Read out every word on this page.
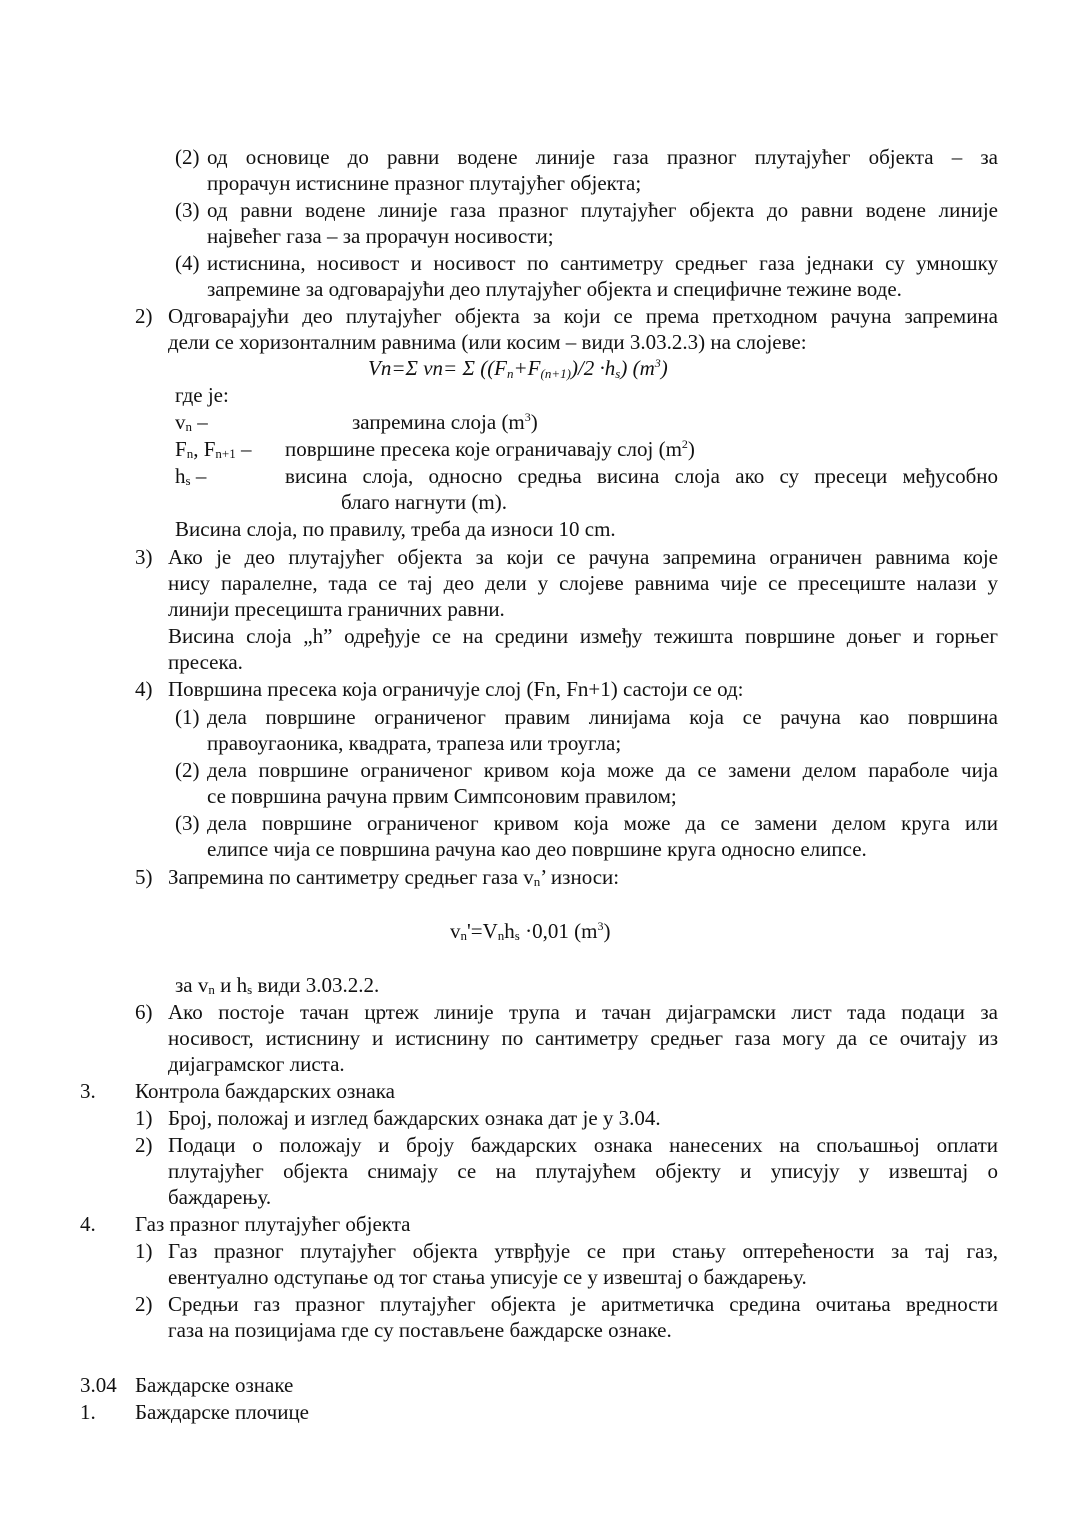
(2) од основице до равни водене линије газа празног плутајућег објекта – за
прорачун истиснине празног плутајућег објекта;
(3) од равни водене линије газа празног плутајућег објекта до равни водене линије
највећег газа – за прорачун носивости;
(4) истиснина, носивост и носивост по сантиметру средњег газа једнаки су умношку
запремине за одговарајући део плутајућег објекта и специфичне тежине воде.
2) Одговарајући део плутајућег објекта за који се према претходном рачуна запремина
дели се хоризонталним равнима (или косим – види 3.03.2.3) на слојеве:
Vn=Σ vn= Σ $((F_n+F_{(n+1)})/2 \cdot h_s)$ $(m^3)$
где је:
vn –	запремина слоја $(m^3)$
Fn, Fn+1 – површине пресека које ограничавају слој $(m^2)$
hs –	висина слоја, односно средња висина слоја ако су пресеци међусобно
благо нагнути (m).
Висина слоја, по правилу, треба да износи 10 cm.
3) Ако је део плутајућег објекта за који се рачуна запремина ограничен равнима које
нису паралелне, тада се тај део дели у слојеве равнима чије се пресециште налази у
линији пресецишта граничних равни.
Висина слоја „h” одређује се на средини између тежишта површине доњег и горњег
пресека.
4) Површина пресека која ограничује слој (Fn, Fn+1) састоји се од:
(1) дела површине ограниченог правим линијама која се рачуна као површина
правоугаоника, квадрата, трапеза или троугла;
(2) дела површине ограниченог кривом која може да се замени делом параболе чија
се површина рачуна првим Симпсоновим правилом;
(3) дела површине ограниченог кривом која може да се замени делом круга или
елипсе чија се површина рачуна као део површине круга односно елипсе.
5) Запремина по сантиметру средњег газа vn’ износи:
vn'=Vnhs ·0,01 $(m^3)$
за vn и hs види 3.03.2.2.
6) Ако постоје тачан цртеж линије трупа и тачан дијаграмски лист тада подаци за
носивост, истиснину и истиснину по сантиметру средњег газа могу да се очитају из
дијаграмског листа.
3. Контрола баждарских ознака
1) Број, положај и изглед баждарских ознака дат је у 3.04.
2) Подаци о положају и броју баждарских ознака нанесених на спољашњој оплати
плутајућег објекта снимају се на плутајућем објекту и уписују у извештај о
баждарењу.
4. Газ празног плутајућег објекта
1) Газ празног плутајућег објекта утврђује се при стању оптерећености за тај газ,
евентуално одступање од тог стања уписује се у извештај о баждарењу.
2) Средњи газ празног плутајућег објекта је аритметичка средина очитања вредности
газа на позицијама где су постављене баждарске ознаке.
3.04 Баждарске ознаке
1. Баждарске плочице
